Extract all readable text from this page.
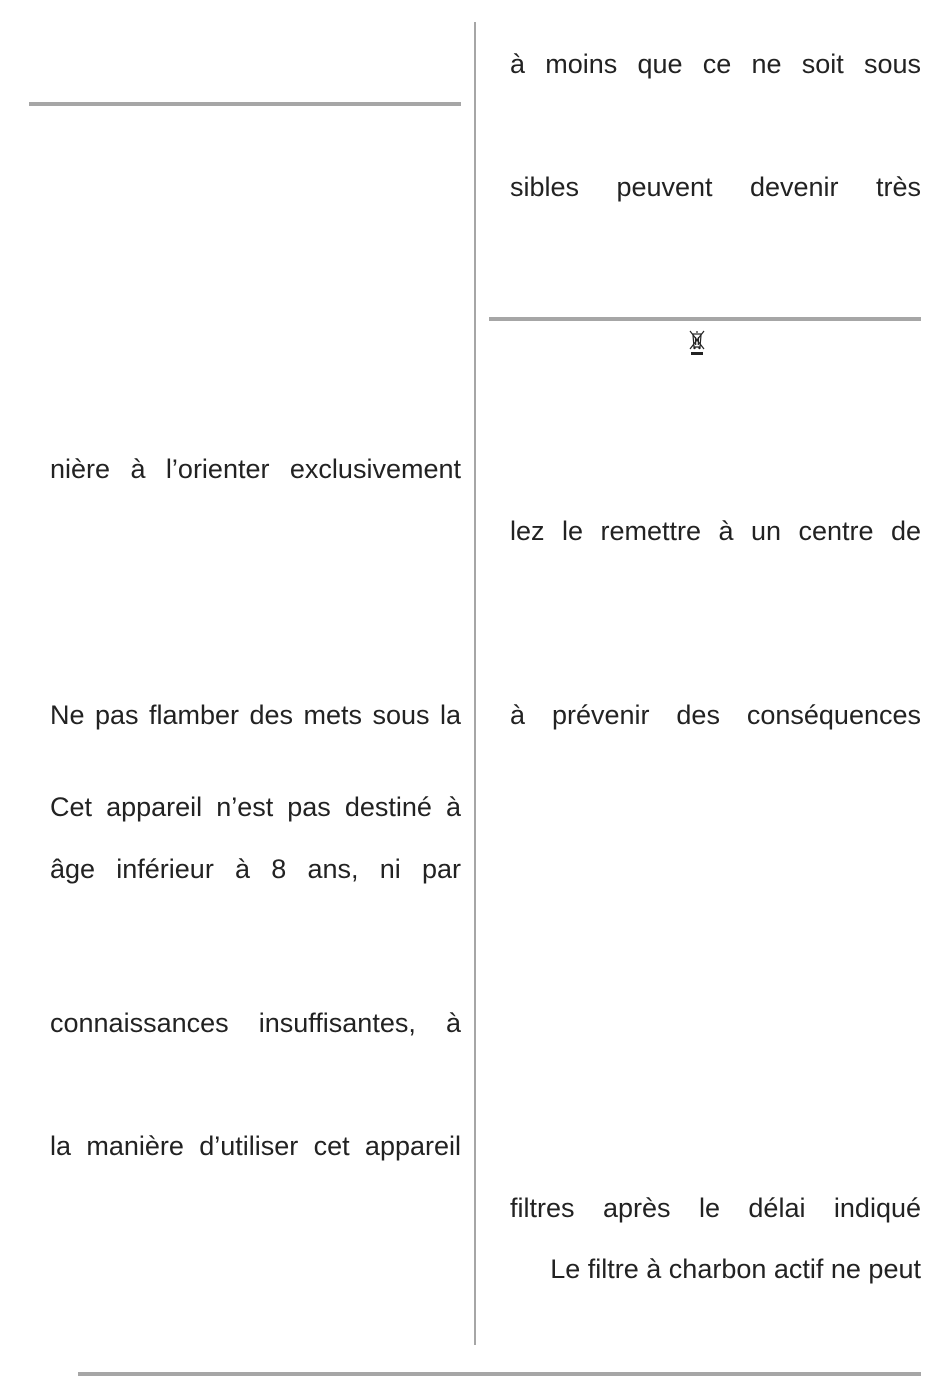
nière à l’orienter exclusivement
Ne pas flamber des mets sous la
Cet appareil n’est pas destiné à
âge inférieur à 8 ans, ni par
connaissances insuffisantes, à
la manière d’utiliser cet appareil
à moins que ce ne soit sous
sibles peuvent devenir très
lez le remettre à un centre de
à prévenir des conséquences
filtres après le délai indiqué
Le filtre à charbon actif ne peut
